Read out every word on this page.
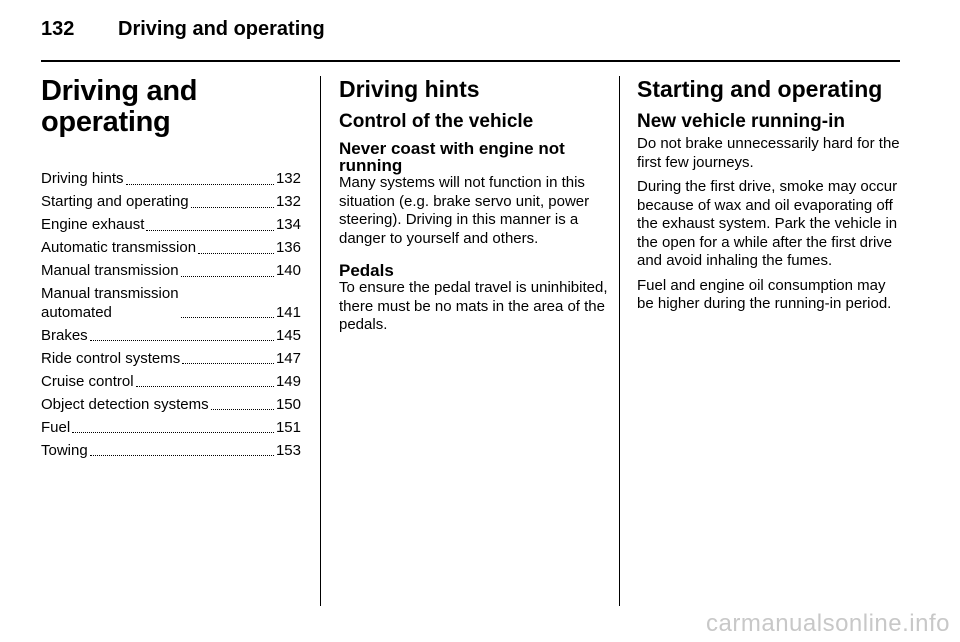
132 Driving and operating
Driving and
operating
Driving hints	132
Starting and operating	132
Engine exhaust	134
Automatic transmission	136
Manual transmission	140
Manual transmission
automated	141
Brakes	145
Ride control systems	147
Cruise control	149
Object detection systems	150
Fuel	151
Towing	153
Driving hints
Control of the vehicle
Never coast with engine not running

Many systems will not function in this situation (e.g. brake servo unit, power steering). Driving in this manner is a danger to yourself and others.

Pedals

To ensure the pedal travel is uninhibited, there must be no mats in the area of the pedals.

Starting and operating
New vehicle running-in

Do not brake unnecessarily hard for the first few journeys.

During the first drive, smoke may occur because of wax and oil evaporating off the exhaust system. Park the vehicle in the open for a while after the first drive and avoid inhaling the fumes.

Fuel and engine oil consumption may be higher during the running-in period.

carmanualsonline.info
